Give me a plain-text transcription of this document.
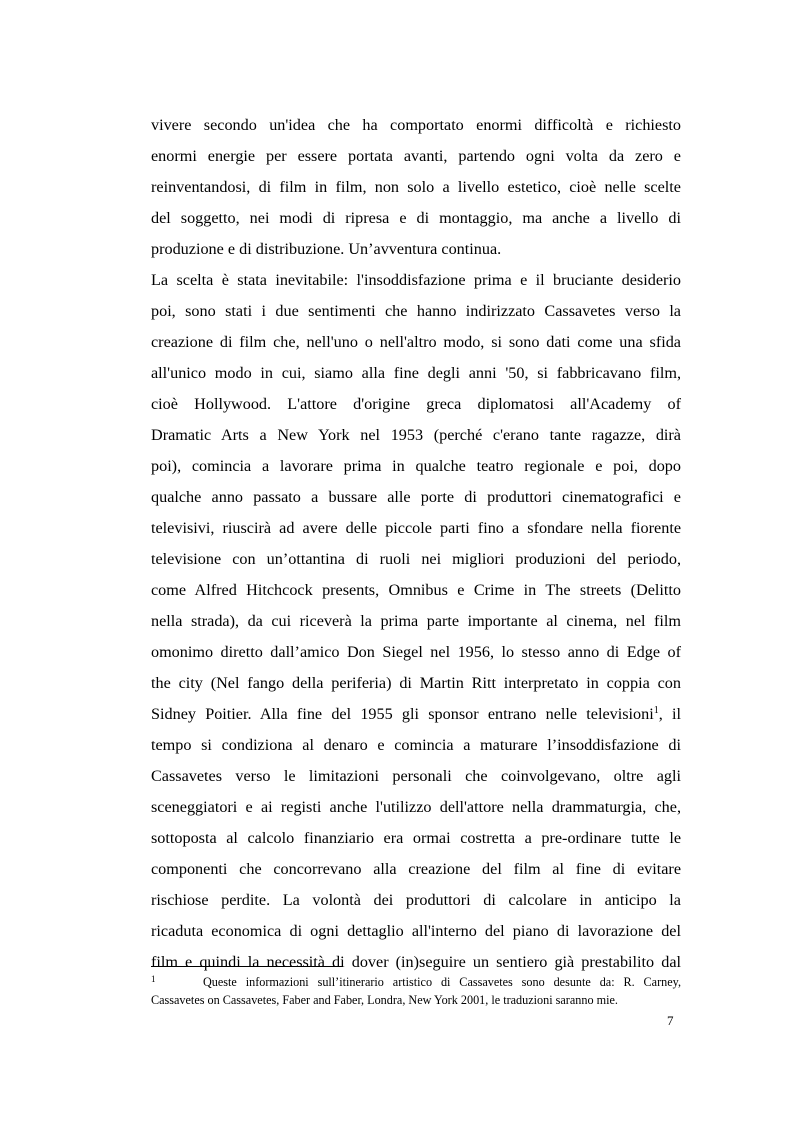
vivere secondo un'idea che ha comportato enormi difficoltà e richiesto
enormi energie per essere portata avanti, partendo ogni volta da zero e
reinventandosi, di film in film, non solo a livello estetico, cioè nelle scelte
del soggetto, nei modi di ripresa e di montaggio, ma anche a livello di
produzione e di distribuzione. Un’avventura continua.
La scelta è stata inevitabile: l'insoddisfazione prima e il bruciante desiderio
poi, sono stati i due sentimenti che hanno indirizzato Cassavetes verso la
creazione di film che, nell'uno o nell'altro modo, si sono dati come una sfida
all'unico modo in cui, siamo alla fine degli anni '50, si fabbricavano film,
cioè Hollywood. L'attore d'origine greca diplomatosi all'Academy of
Dramatic Arts a New York nel 1953 (perché c'erano tante ragazze, dirà
poi), comincia a lavorare prima in qualche teatro regionale e poi, dopo
qualche anno passato a bussare alle porte di produttori cinematografici e
televisivi, riuscirà ad avere delle piccole parti fino a sfondare nella fiorente
televisione con un’ottantina di ruoli nei migliori produzioni del periodo,
come Alfred Hitchcock presents, Omnibus e Crime in The streets (Delitto
nella strada), da cui riceverà la prima parte importante al cinema, nel film
omonimo diretto dall’amico Don Siegel nel 1956, lo stesso anno di Edge of
the city (Nel fango della periferia) di Martin Ritt interpretato in coppia con
Sidney Poitier. Alla fine del 1955 gli sponsor entrano nelle televisioni$^1$, il
tempo si condiziona al denaro e comincia a maturare l’insoddisfazione di
Cassavetes verso le limitazioni personali che coinvolgevano, oltre agli
sceneggiatori e ai registi anche l'utilizzo dell'attore nella drammaturgia, che,
sottoposta al calcolo finanziario era ormai costretta a pre-ordinare tutte le
componenti che concorrevano alla creazione del film al fine di evitare
rischiose perdite. La volontà dei produttori di calcolare in anticipo la
ricaduta economica di ogni dettaglio all'interno del piano di lavorazione del
film e quindi la necessità di dover (in)seguire un sentiero già prestabilito dal
1	Queste informazioni sull’itinerario artistico di Cassavetes sono desunte da: R. Carney,
Cassavetes on Cassavetes, Faber and Faber, Londra, New York 2001, le traduzioni saranno mie.
7
